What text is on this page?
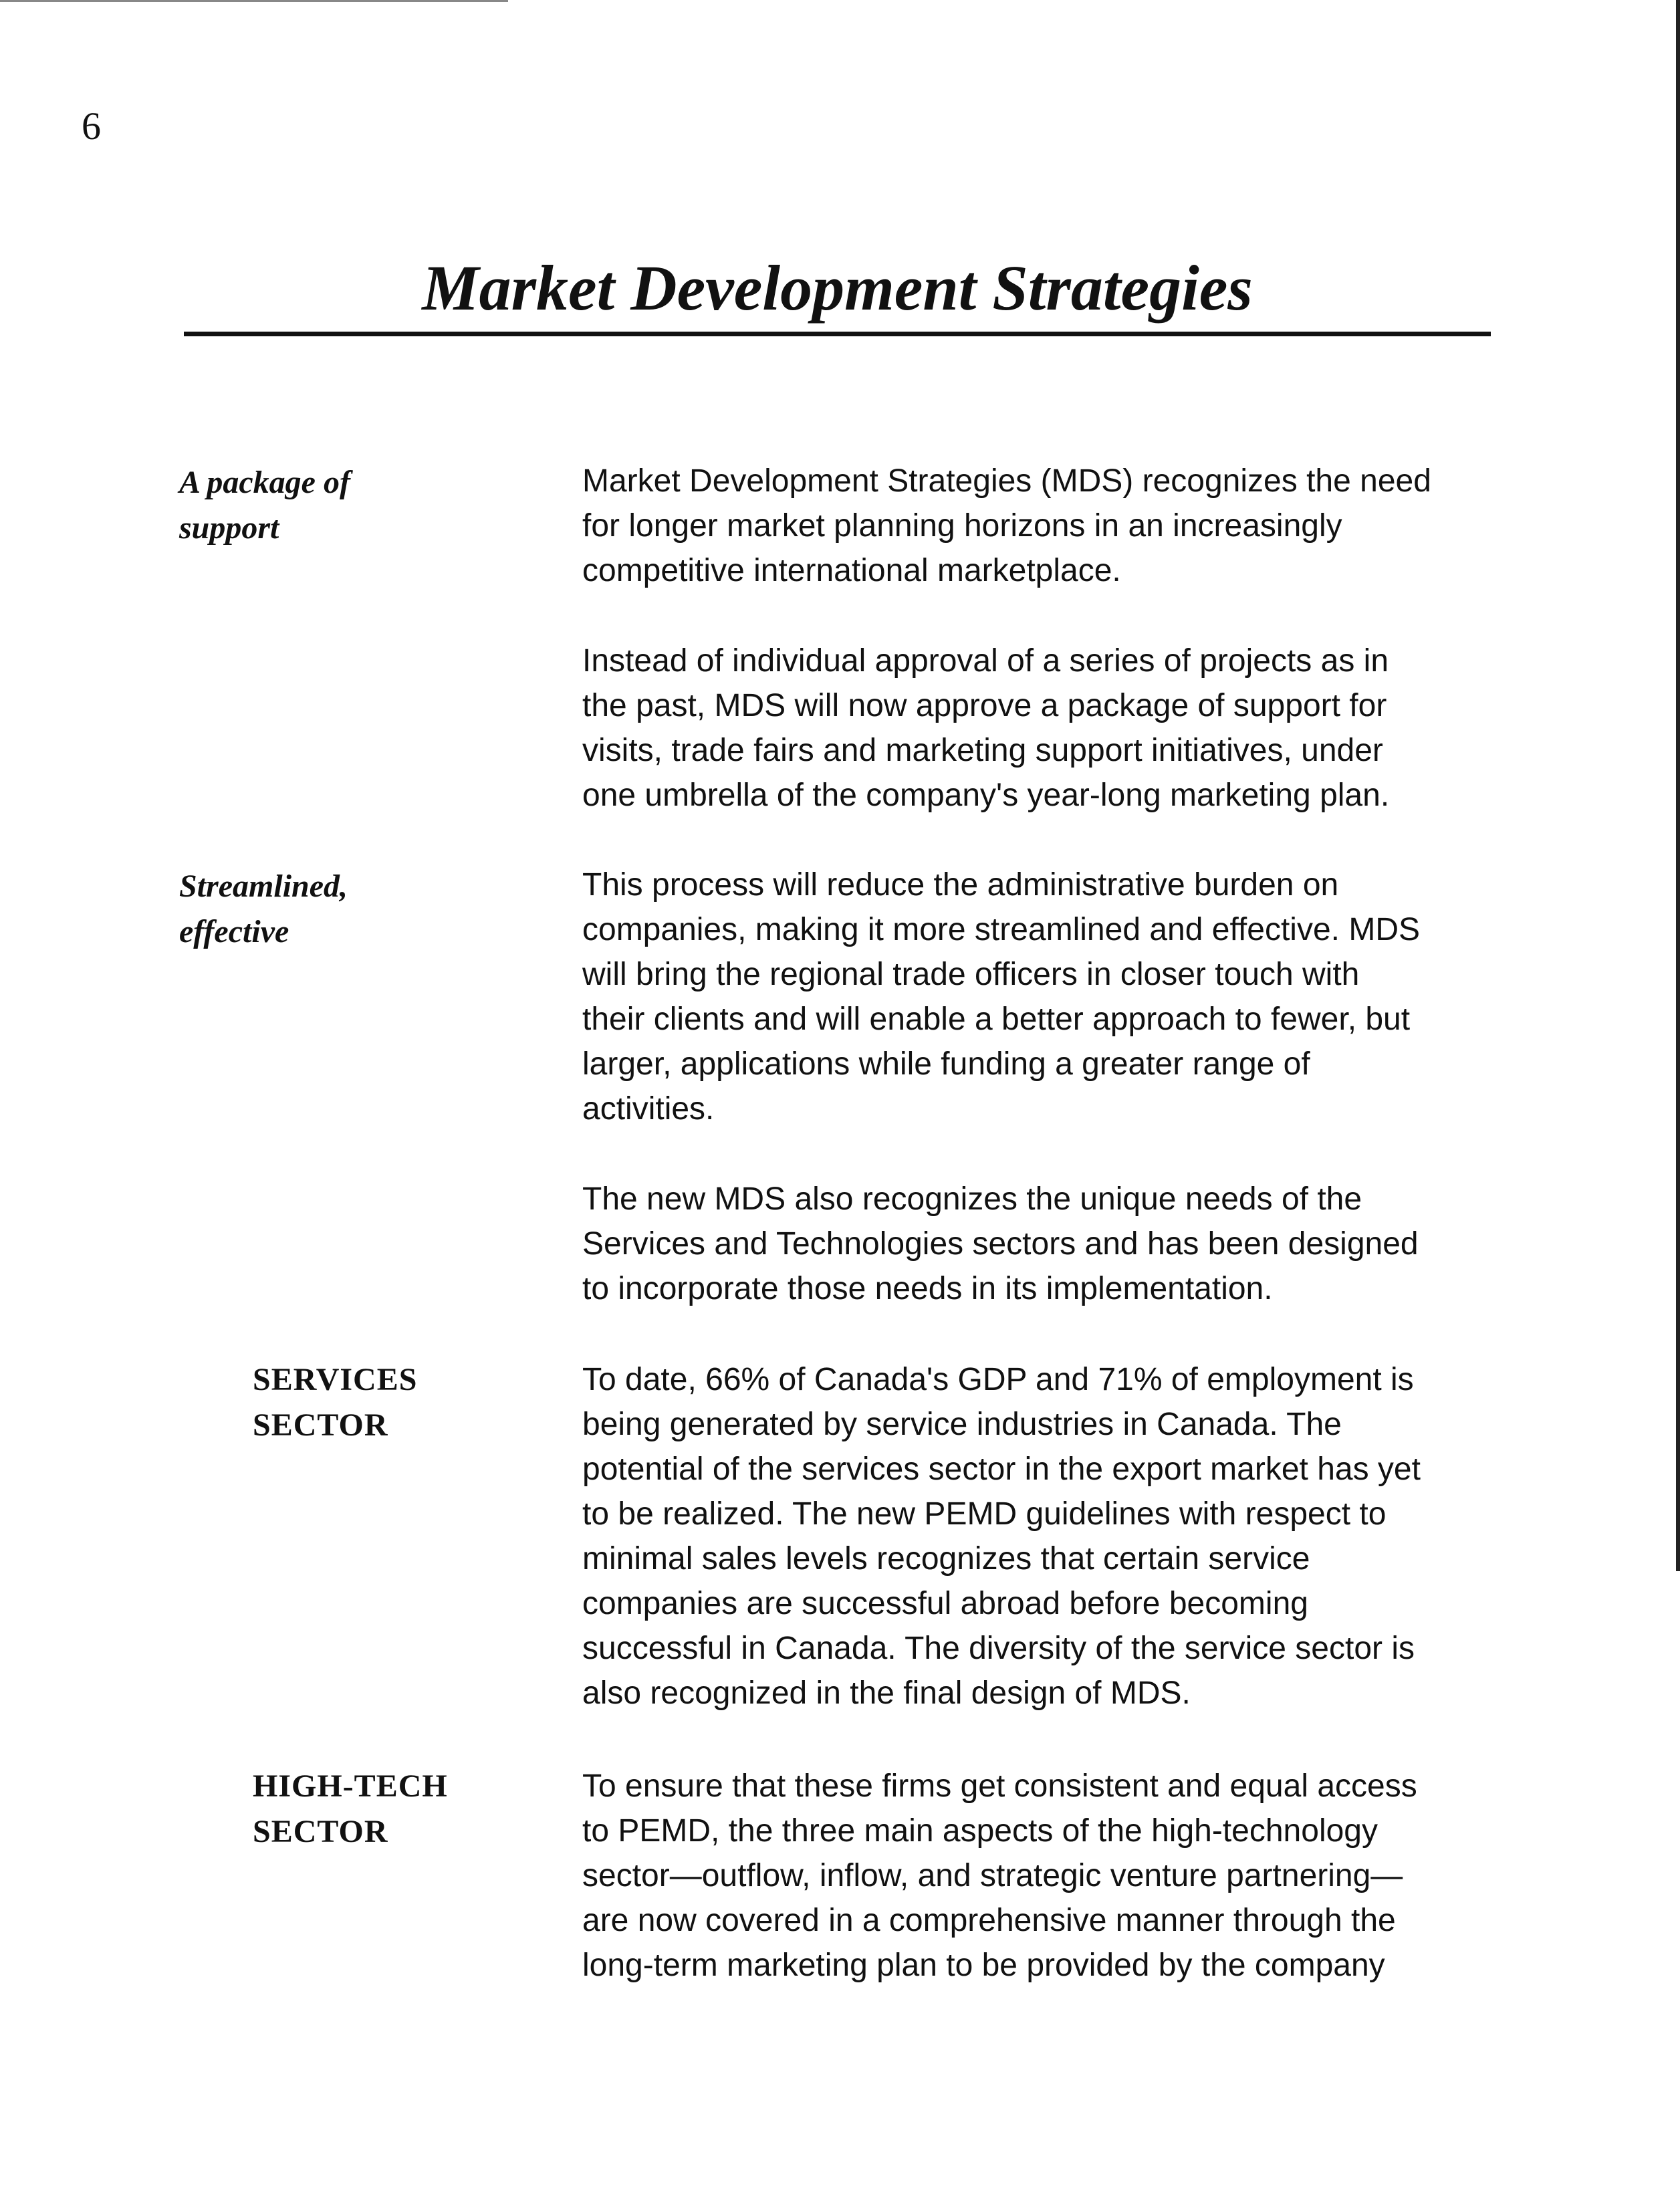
6
Market Development Strategies
A package of
support
Streamlined,
effective
SERVICES
SECTOR
HIGH-TECH
SECTOR
Market Development Strategies (MDS) recognizes the need
for longer market planning horizons in an increasingly
competitive international marketplace.
Instead of individual approval of a series of projects as in
the past, MDS will now approve a package of support for
visits, trade fairs and marketing support initiatives, under
one umbrella of the company's year-long marketing plan.
This process will reduce the administrative burden on
companies, making it more streamlined and effective. MDS
will bring the regional trade officers in closer touch with
their clients and will enable a better approach to fewer, but
larger, applications while funding a greater range of
activities.
The new MDS also recognizes the unique needs of the
Services and Technologies sectors and has been designed
to incorporate those needs in its implementation.
To date, 66% of Canada's GDP and 71% of employment is
being generated by service industries in Canada. The
potential of the services sector in the export market has yet
to be realized. The new PEMD guidelines with respect to
minimal sales levels recognizes that certain service
companies are successful abroad before becoming
successful in Canada. The diversity of the service sector is
also recognized in the final design of MDS.
To ensure that these firms get consistent and equal access
to PEMD, the three main aspects of the high-technology
sector—outflow, inflow, and strategic venture partnering—
are now covered in a comprehensive manner through the
long-term marketing plan to be provided by the company
